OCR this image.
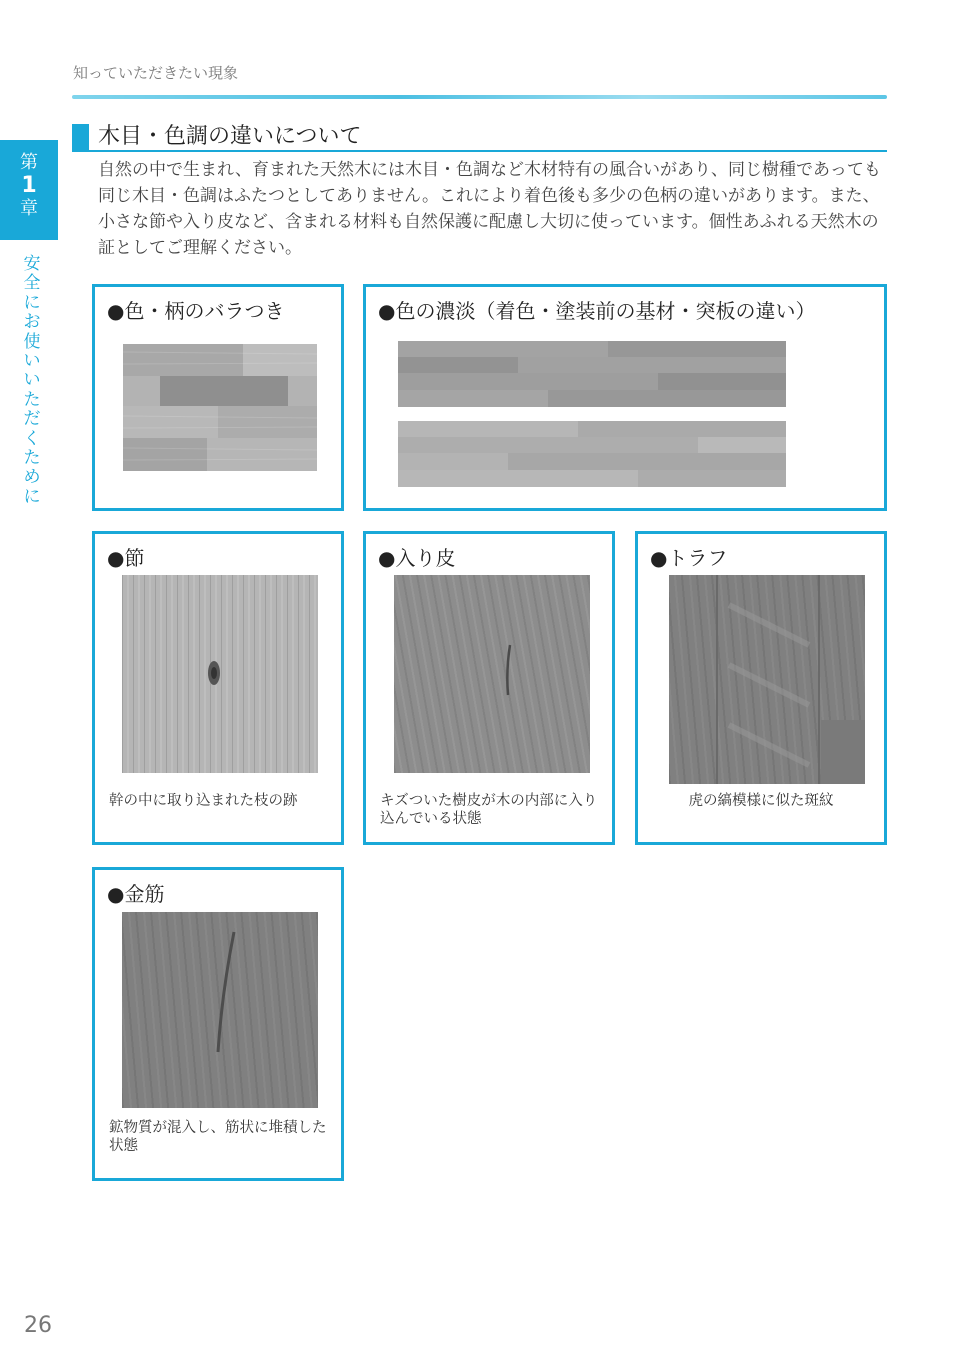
知っていただきたい現象
第
1
章
安全にお使いいただくために
木目・色調の違いについて

自然の中で生まれ、育まれた天然木には木目・色調など木材特有の風合いがあり、同じ樹種であっても同じ木目・色調はふたつとしてありません。これにより着色後も多少の色柄の違いがあります。また、小さな節や入り皮など、含まれる材料も自然保護に配慮し大切に使っています。個性あふれる天然木の証としてご理解ください。

●色・柄のバラつき	●色の濃淡（着色・塗装前の基材・突板の違い）
●節
幹の中に取り込まれた枝の跡
●入り皮
キズついた樹皮が木の内部に入り込んでいる状態
●トラフ
虎の縞模様に似た斑紋
●金筋
鉱物質が混入し、筋状に堆積した状態
26
